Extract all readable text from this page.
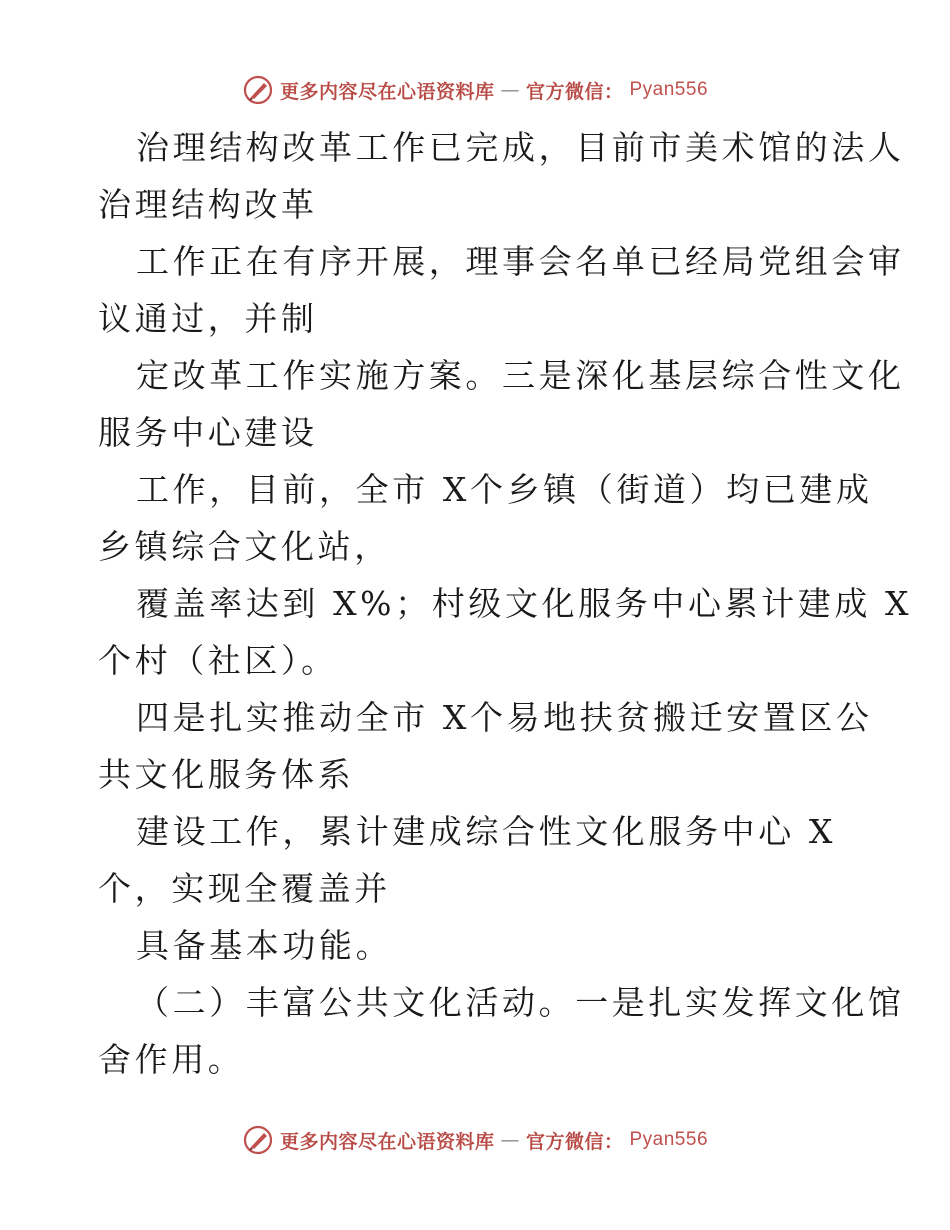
更多内容尽在心语资料库 — 官方微信： Pyan556
治理结构改革工作已完成，目前市美术馆的法人
治理结构改革
工作正在有序开展，理事会名单已经局党组会审
议通过，并制
定改革工作实施方案。三是深化基层综合性文化
服务中心建设
工作，目前，全市 X个乡镇（街道）均已建成
乡镇综合文化站，
覆盖率达到 X%；村级文化服务中心累计建成 X
个村（社区）。
四是扎实推动全市 X个易地扶贫搬迁安置区公
共文化服务体系
建设工作，累计建成综合性文化服务中心 X
个，实现全覆盖并
具备基本功能。
（二）丰富公共文化活动。一是扎实发挥文化馆
舍作用。
更多内容尽在心语资料库 — 官方微信： Pyan556
